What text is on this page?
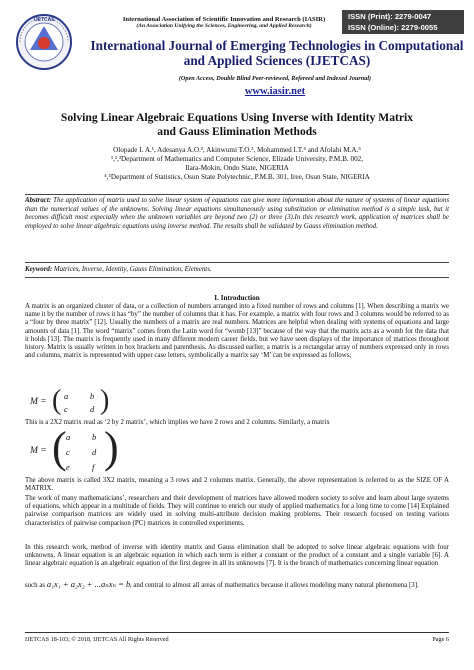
IJETCAS	International Association of Scientific Innovation and Research (IASIR)
(An Association Unifying the Sciences, Engineering, and Applied Research)
ISSN (Print): 2279-0047
ISSN (Online): 2279-0055
International Journal of Emerging Technologies in Computational
and Applied Sciences (IJETCAS)
(Open Access, Double Blind Peer-reviewed, Refereed and Indexed Journal)
www.iasir.net
Solving Linear Algebraic Equations Using Inverse with Identity Matrix
and Gauss Elimination Methods
Olopade I. A.¹, Adesanya A.O.², Akinwumi T.O.³, Mohammed I.T.⁴ and Afolabi M.A.⁵
¹,²,³Department of Mathematics and Computer Science, Elizade University, P.M.B. 002,
Ilara-Mokin, Ondo State, NIGERIA
⁴,⁵Department of Statistics, Osun State Polytechnic, P.M.B. 301, Iree, Osun State, NIGERIA
Abstract: The application of matrix used to solve linear system of equations can give more information about the nature of systems of linear equations than the numerical values of the unknowns. Solving linear equations simultaneously using substitution or elimination method is a simple task, but it becomes difficult most especially when the unknown variables are beyond two (2) or three (3).In this research work, application of matrices shall be employed to solve linear algebraic equations using inverse method. The results shall be validated by Gauss elimination method.
Keyword: Matrices, Inverse, Identity, Gauss Elimination, Elements.
I. Introduction
A matrix is an organized cluster of data, or a collection of numbers arranged into a fixed number of rows and columns [1]. When describing a matrix we name it by the number of rows it has “by” the number of columns that it has. For example, a matrix with four rows and 3 columns would be referred to as a “four by three matrix” [12]. Usually the numbers of a matrix are real numbers. Matrices are helpful when dealing with systems of equations and large amounts of data [1]. The word “matrix” comes from the Latin word for “womb [13]” because of the way that the matrix acts as a womb for the data that it holds [13]. The matrix is frequently used in many different modern career fields, but we have seen displays of the importance of matrices throughout history. Matrix is usually written in box brackets and parenthesis. As discussed earlier, a matrix is a rectangular array of numbers expressed only in rows and columns, matrix is represented with upper case letters, symbolically a matrix say ‘M’ can be expressed as follows;
M = ( a	b
c	d )
This is a 2X2 matrix read as ‘2 by 2 matrix’, which implies we have 2 rows and 2 columns. Similarly, a matrix
M = ( a	b
c	d
e	f )
The above matrix is called 3X2 matrix, meaning a 3 rows and 2 columns matrix. Generally, the above representation is referred to as the SIZE OF A MATRIX.
The work of many mathematicians’, researchers and their development of matrices have allowed modern society to solve and learn about large systems of equations, which appear in a multitude of fields. They will continue to enrich our study of applied mathematics for a long time to come [14] Explained pairwise comparison matrices are widely used in solving multi-attribute decision making problems. Their research focused on testing various characteristics of pairwise comparison (PC) matrices in controlled experiments.
In this research work, method of inverse with identity matrix and Gauss elimination shall be adopted to solve linear algebraic equations with four unknowns, A linear equation is an algebraic equation in which each term is either a constant or the product of a constant and a single variable [6]. A linear algebraic equation is an algebraic equation of the first degree in all its unknowns [7]. It is the branch of mathematics concerning linear equation
such as a₁x₁ + a₂x₂ + ...aₙxₙ = bᵢ and central to almost all areas of mathematics because it allows modeling many natural phenomena [3].
IJETCAS 18-103; © 2018, IJETCAS All Rights Reserved	Page 6
